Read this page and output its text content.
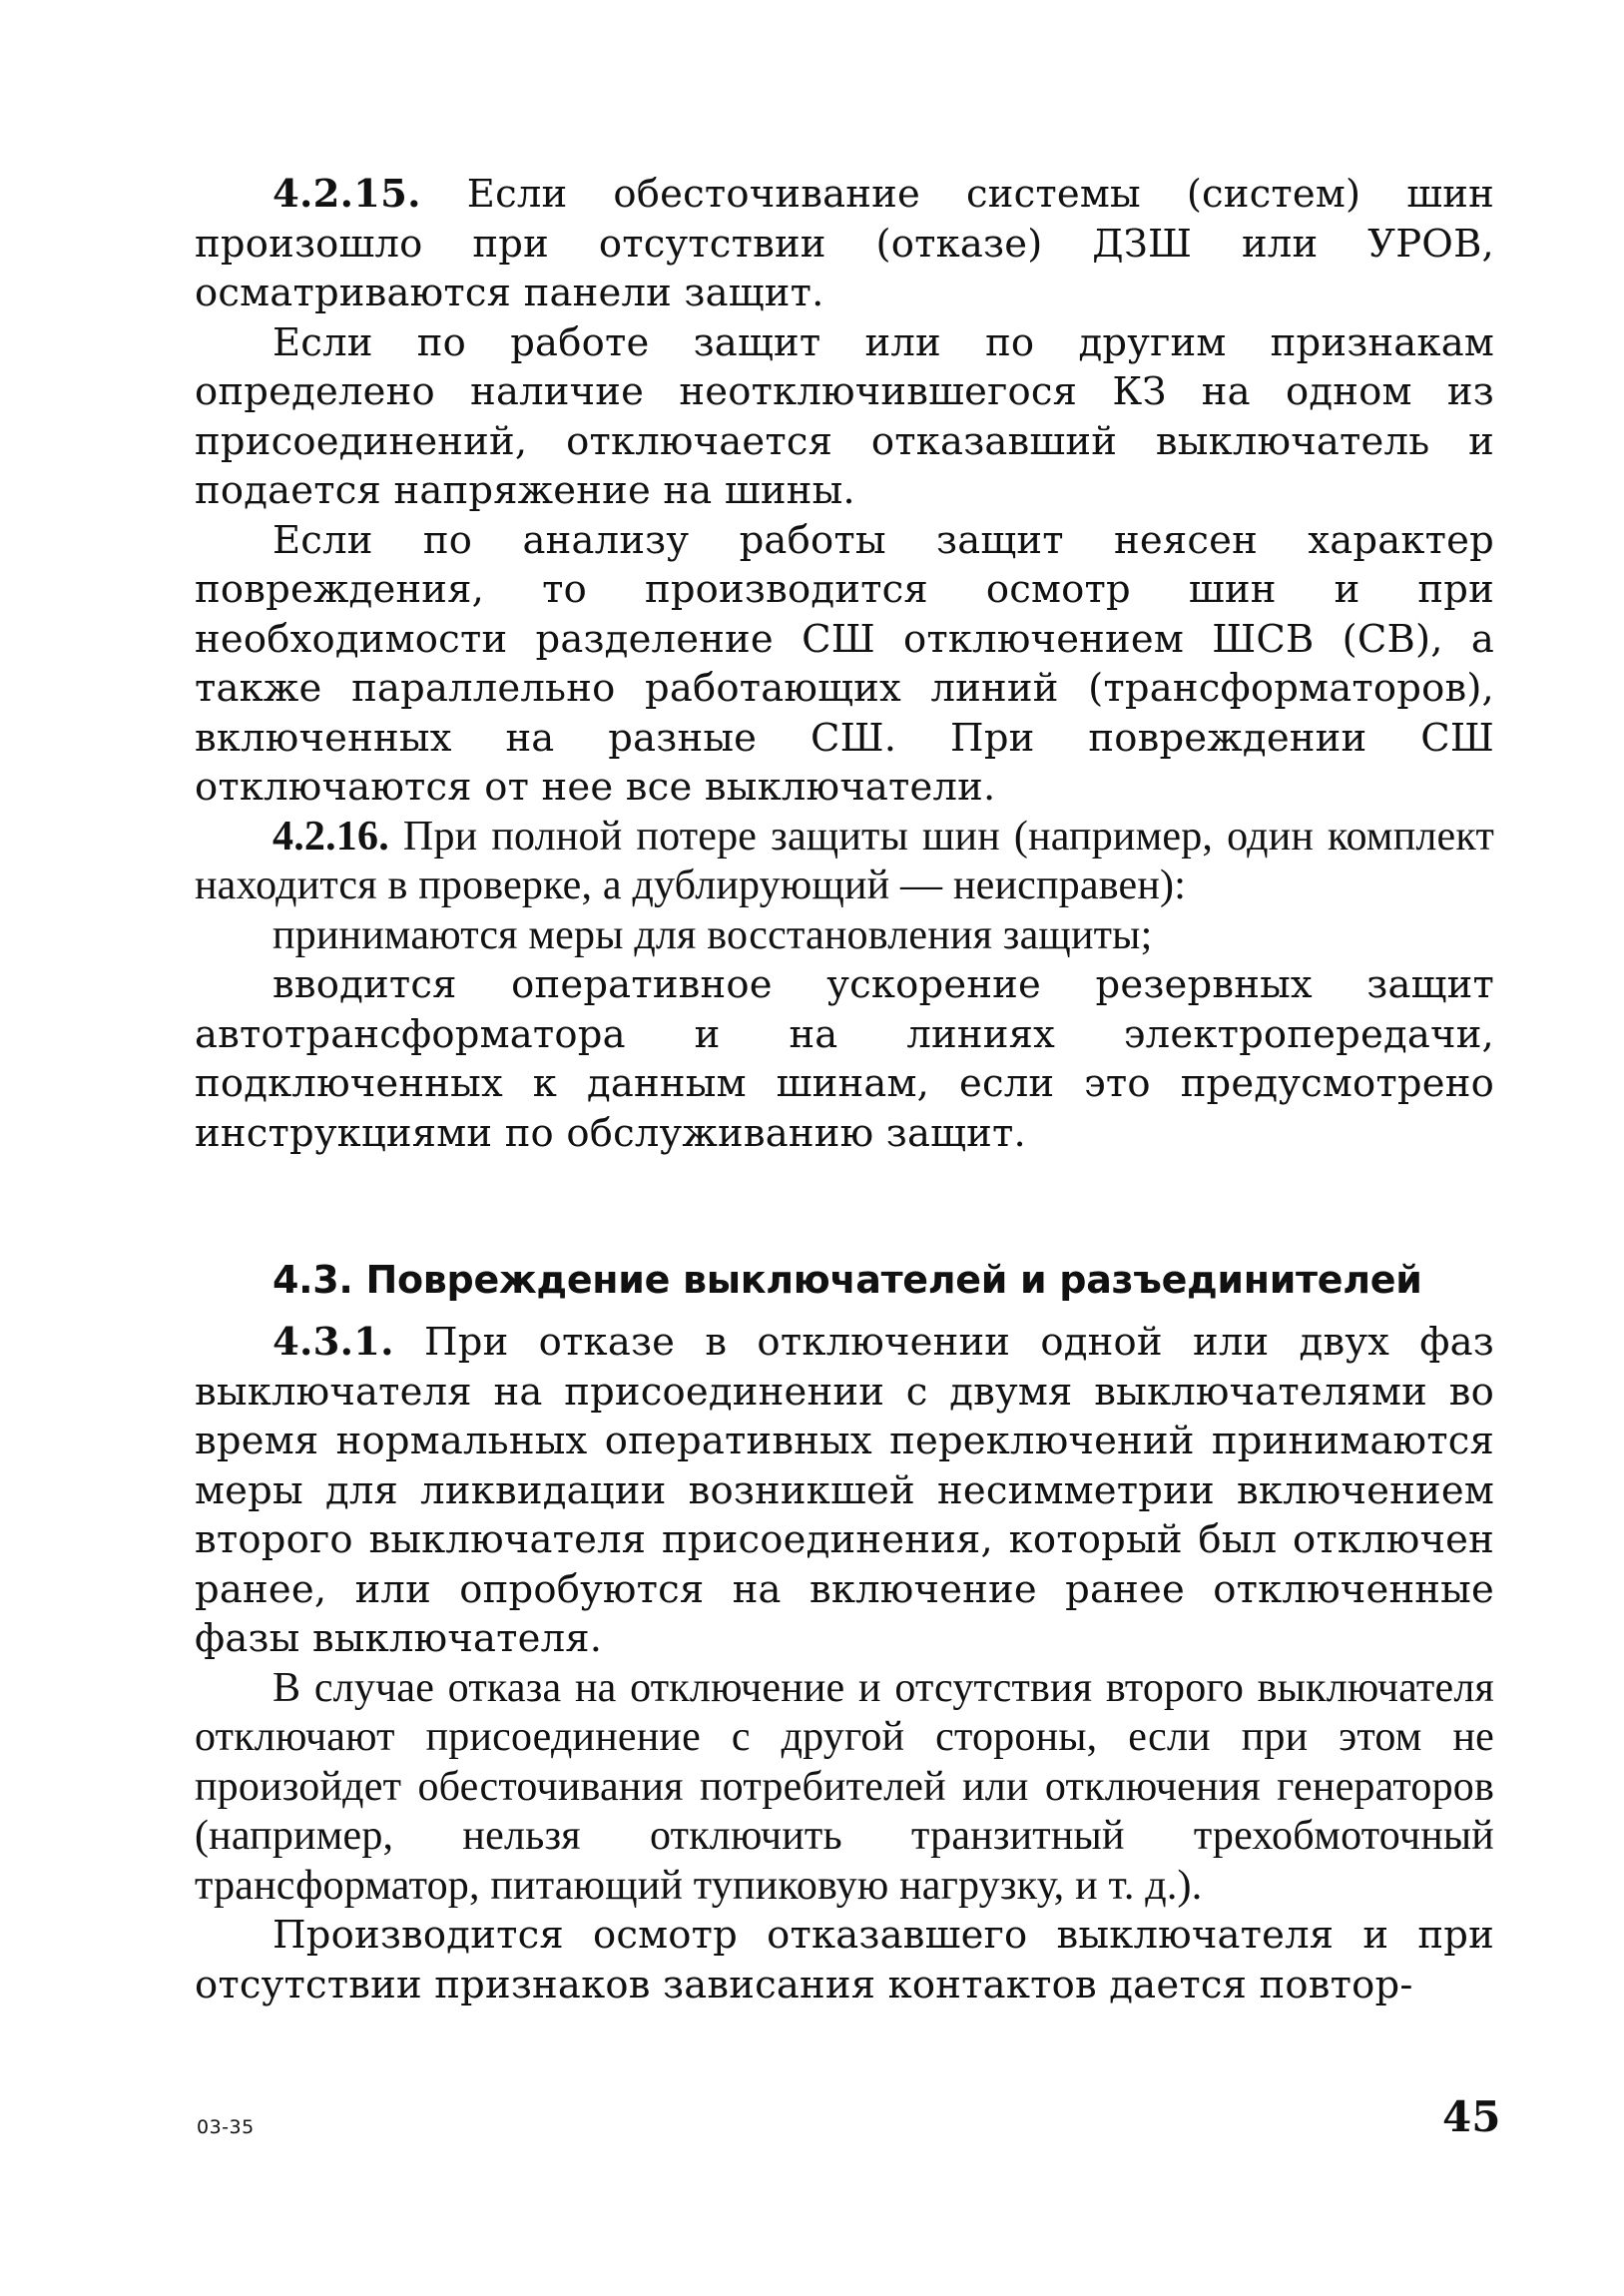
4.2.15. Если обесточивание системы (систем) шин произошло при отсутствии (отказе) ДЗШ или УРОВ, осматриваются панели защит.

Если по работе защит или по другим признакам определено наличие неотключившегося КЗ на одном из присоединений, отключается отказавший выключатель и подается напряжение на шины.

Если по анализу работы защит неясен характер повреждения, то производится осмотр шин и при необходимости разделение СШ отключением ШСВ (СВ), а также параллельно работающих линий (трансформаторов), включенных на разные СШ. При повреждении СШ отключаются от нее все выключатели.

4.2.16. При полной потере защиты шин (например, один комплект находится в проверке, а дублирующий — неисправен):

принимаются меры для восстановления защиты;

вводится оперативное ускорение резервных защит автотрансформатора и на линиях электропередачи, подключенных к данным шинам, если это предусмотрено инструкциями по обслуживанию защит.

4.3. Повреждение выключателей и разъединителей

4.3.1. При отказе в отключении одной или двух фаз выключателя на присоединении с двумя выключателями во время нормальных оперативных переключений принимаются меры для ликвидации возникшей несимметрии включением второго выключателя присоединения, который был отключен ранее, или опробуются на включение ранее отключенные фазы выключателя.

В случае отказа на отключение и отсутствия второго выключателя отключают присоединение с другой стороны, если при этом не произойдет обесточивания потребителей или отключения генераторов (например, нельзя отключить транзитный трехобмоточный трансформатор, питающий тупиковую нагрузку, и т. д.).

Производится осмотр отказавшего выключателя и при отсутствии признаков зависания контактов дается повтор-

03-35	45
